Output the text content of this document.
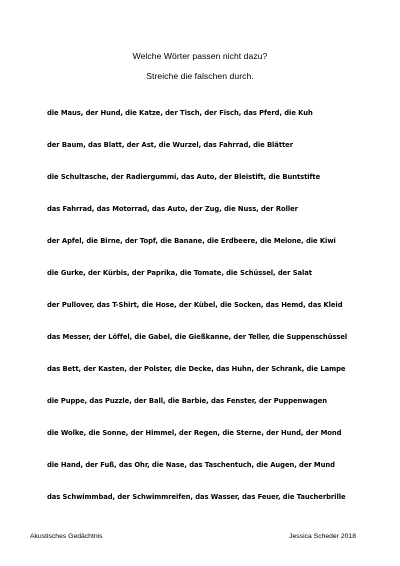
Welche Wörter passen nicht dazu?
Streiche die falschen durch.
die Maus, der Hund, die Katze, der Tisch, der Fisch, das Pferd, die Kuh
der Baum, das Blatt, der Ast, die Wurzel, das Fahrrad, die Blätter
die Schultasche, der Radiergummi, das Auto, der Bleistift, die Buntstifte
das Fahrrad, das Motorrad, das Auto, der Zug, die Nuss, der Roller
der Apfel, die Birne, der Topf, die Banane, die Erdbeere, die Melone, die Kiwi
die Gurke, der Kürbis, der Paprika, die Tomate, die Schüssel, der Salat
der Pullover, das T-Shirt, die Hose, der Kübel, die Socken, das Hemd, das Kleid
das Messer, der Löffel, die Gabel, die Gießkanne, der Teller, die Suppenschüssel
das Bett, der Kasten, der Polster, die Decke, das Huhn, der Schrank, die Lampe
die Puppe, das Puzzle, der Ball, die Barbie, das Fenster, der Puppenwagen
die Wolke, die Sonne, der Himmel, der Regen, die Sterne, der Hund, der Mond
die Hand, der Fuß, das Ohr, die Nase, das Taschentuch, die Augen, der Mund
das Schwimmbad, der Schwimmreifen, das Wasser, das Feuer, die Taucherbrille
Akustisches Gedächtnis	Jessica Scheder 2018
